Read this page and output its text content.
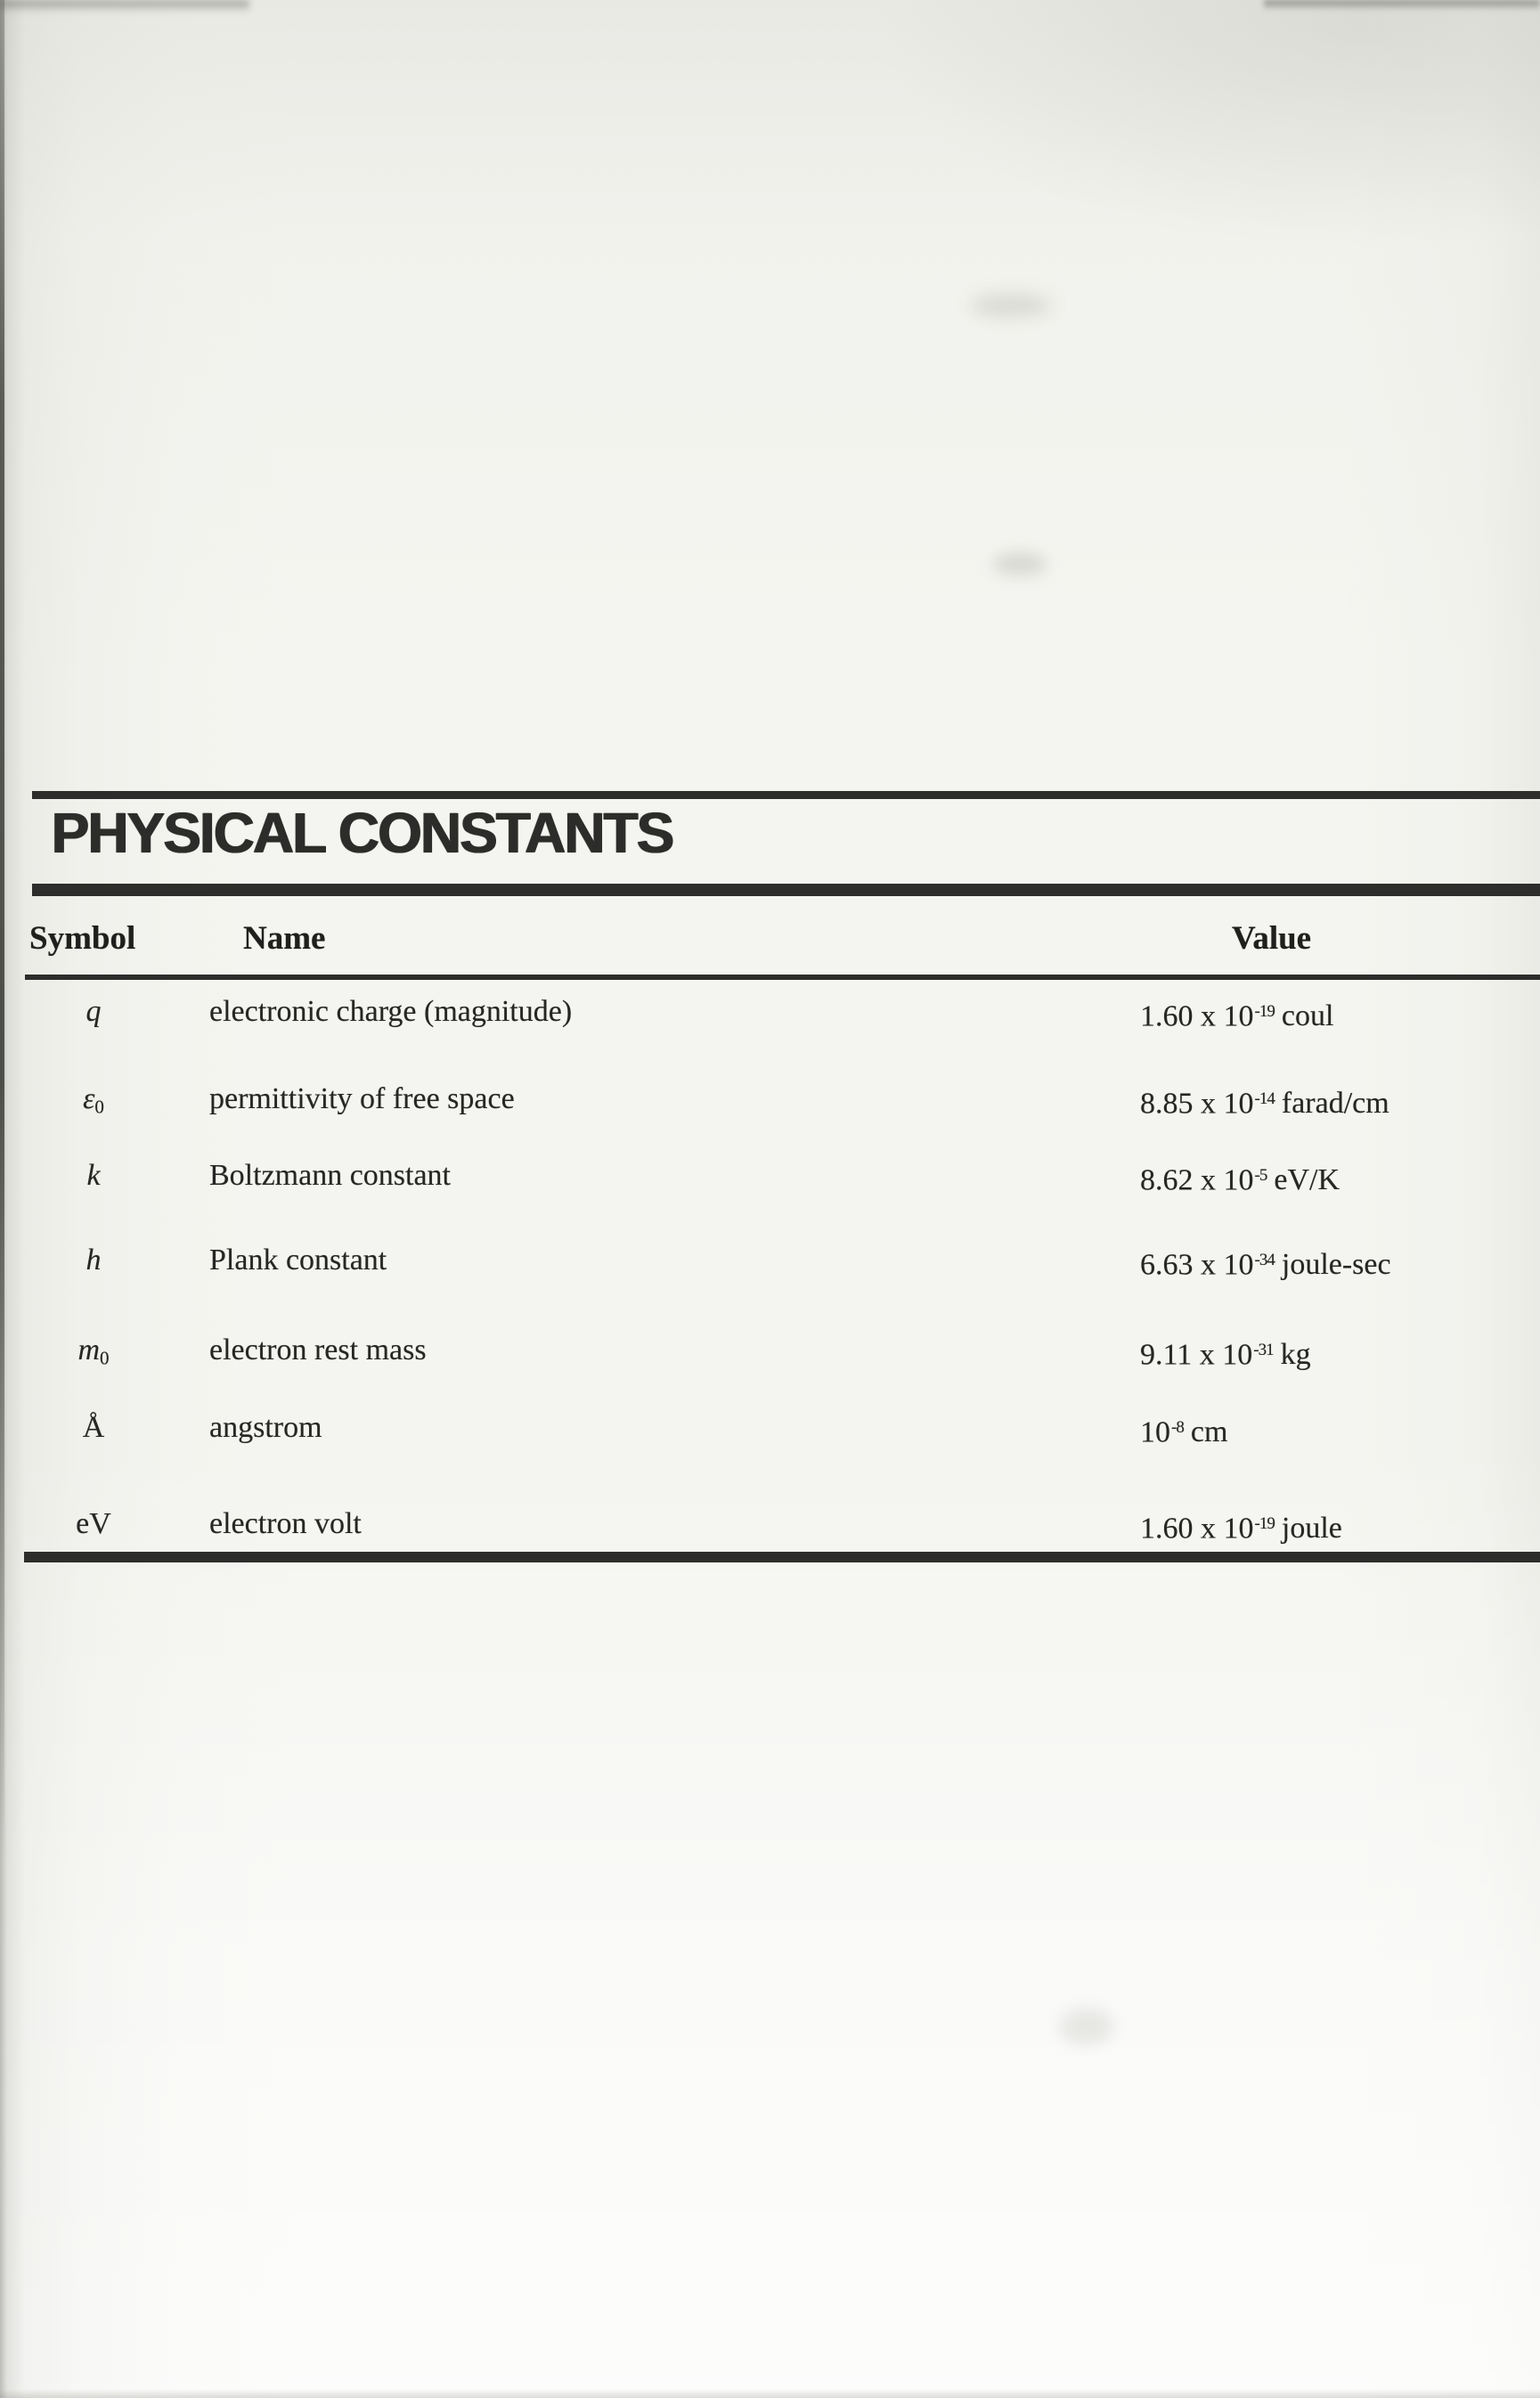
PHYSICAL CONSTANTS
Symbol	Name	Value
q	electronic charge (magnitude)	1.60 x $10^{-19}$ coul
$\varepsilon_0$	permittivity of free space	8.85 x $10^{-14}$ farad/cm
k	Boltzmann constant	8.62 x $10^{-5}$ eV/K
h	Plank constant	6.63 x $10^{-34}$ joule-sec
$m_0$	electron rest mass	9.11 x $10^{-31}$ kg
Å	angstrom	$10^{-8}$ cm
eV	electron volt	1.60 x $10^{-19}$ joule
